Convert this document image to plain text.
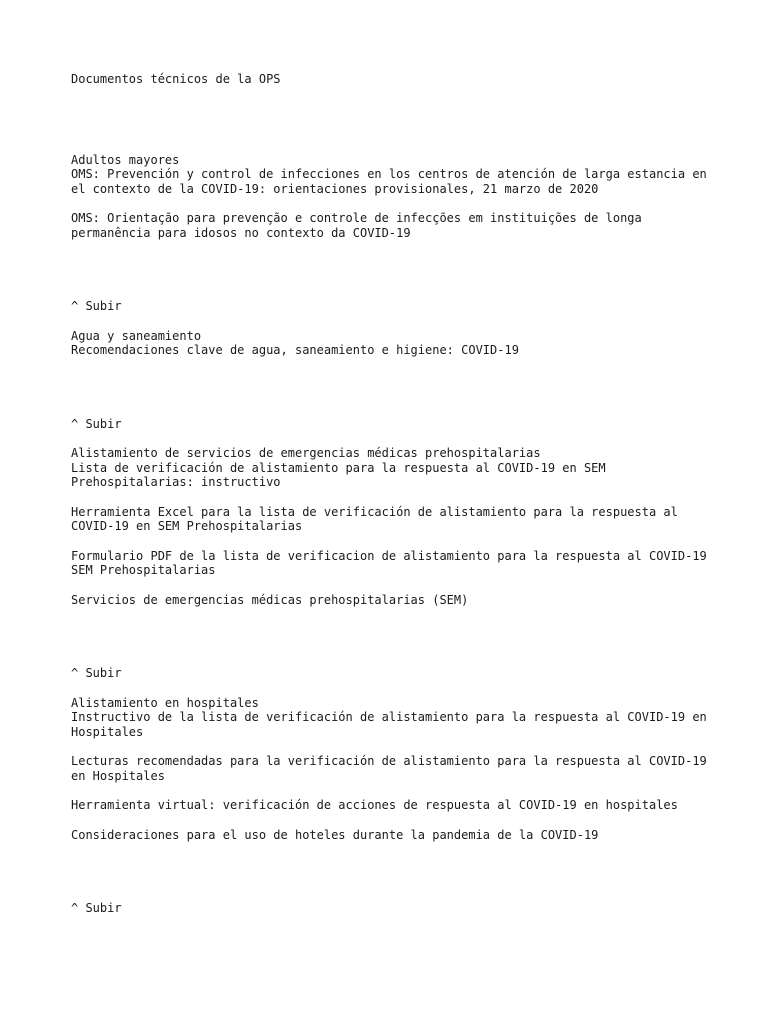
Documentos técnicos de la OPS
Adultos mayores
OMS: Prevención y control de infecciones en los centros de atención de larga estancia en el contexto de la COVID-19: orientaciones provisionales, 21 marzo de 2020
OMS: Orientação para prevenção e controle de infecções em instituições de longa permanência para idosos no contexto da COVID-19
^ Subir
Agua y saneamiento
Recomendaciones clave de agua, saneamiento e higiene: COVID-19
^ Subir
Alistamiento de servicios de emergencias médicas prehospitalarias
Lista de verificación de alistamiento para la respuesta al COVID-19 en SEM Prehospitalarias: instructivo
Herramienta Excel para la lista de verificación de alistamiento para la respuesta al COVID-19 en SEM Prehospitalarias
Formulario PDF de la lista de verificacion de alistamiento para la respuesta al COVID-19 SEM Prehospitalarias
Servicios de emergencias médicas prehospitalarias (SEM)
^ Subir
Alistamiento en hospitales
Instructivo de la lista de verificación de alistamiento para la respuesta al COVID-19 en Hospitales
Lecturas recomendadas para la verificación de alistamiento para la respuesta al COVID-19 en Hospitales
Herramienta virtual: verificación de acciones de respuesta al COVID-19 en hospitales
Consideraciones para el uso de hoteles durante la pandemia de la COVID-19
^ Subir
